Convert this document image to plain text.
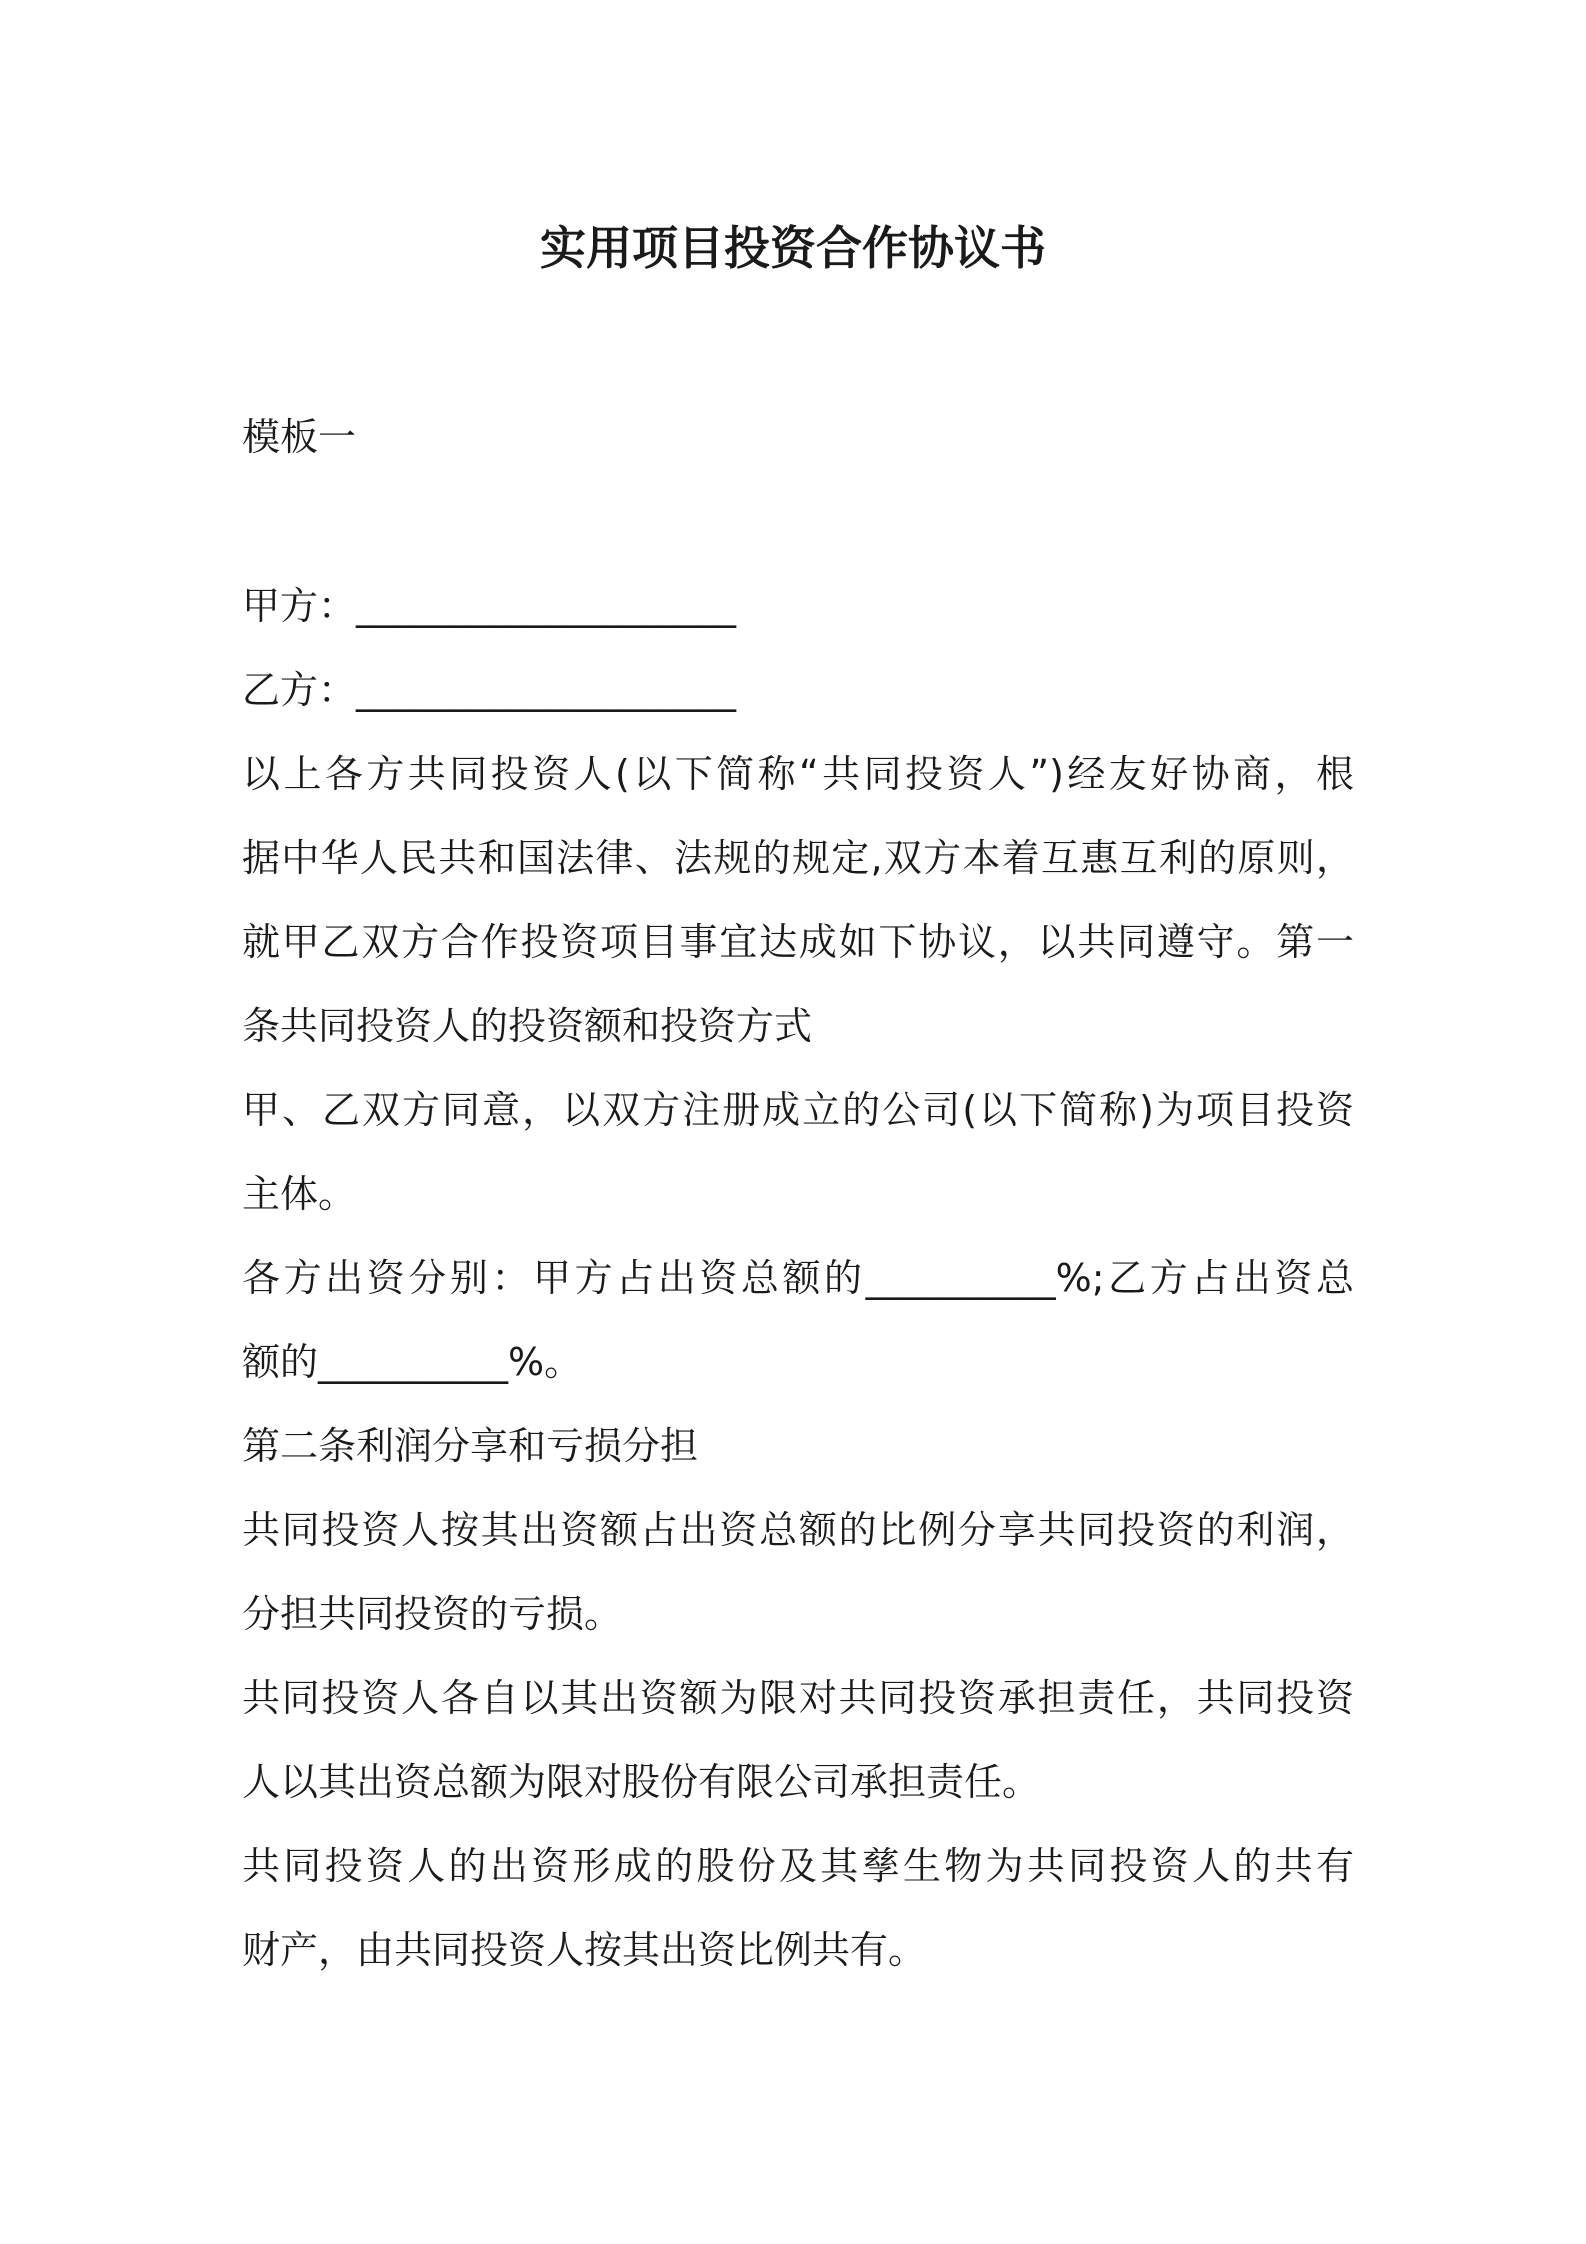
实用项目投资合作协议书

模板一

甲方：____________________

乙方：____________________

以上各方共同投资人(以下简称“共同投资人”)经友好协商，根

据中华人民共和国法律、法规的规定,双方本着互惠互利的原则，

就甲乙双方合作投资项目事宜达成如下协议，以共同遵守。第一

条共同投资人的投资额和投资方式

甲、乙双方同意，以双方注册成立的公司(以下简称)为项目投资

主体。

各方出资分别：甲方占出资总额的__________%;乙方占出资总

额的__________%。

第二条利润分享和亏损分担

共同投资人按其出资额占出资总额的比例分享共同投资的利润，

分担共同投资的亏损。

共同投资人各自以其出资额为限对共同投资承担责任，共同投资

人以其出资总额为限对股份有限公司承担责任。

共同投资人的出资形成的股份及其孳生物为共同投资人的共有

财产，由共同投资人按其出资比例共有。
